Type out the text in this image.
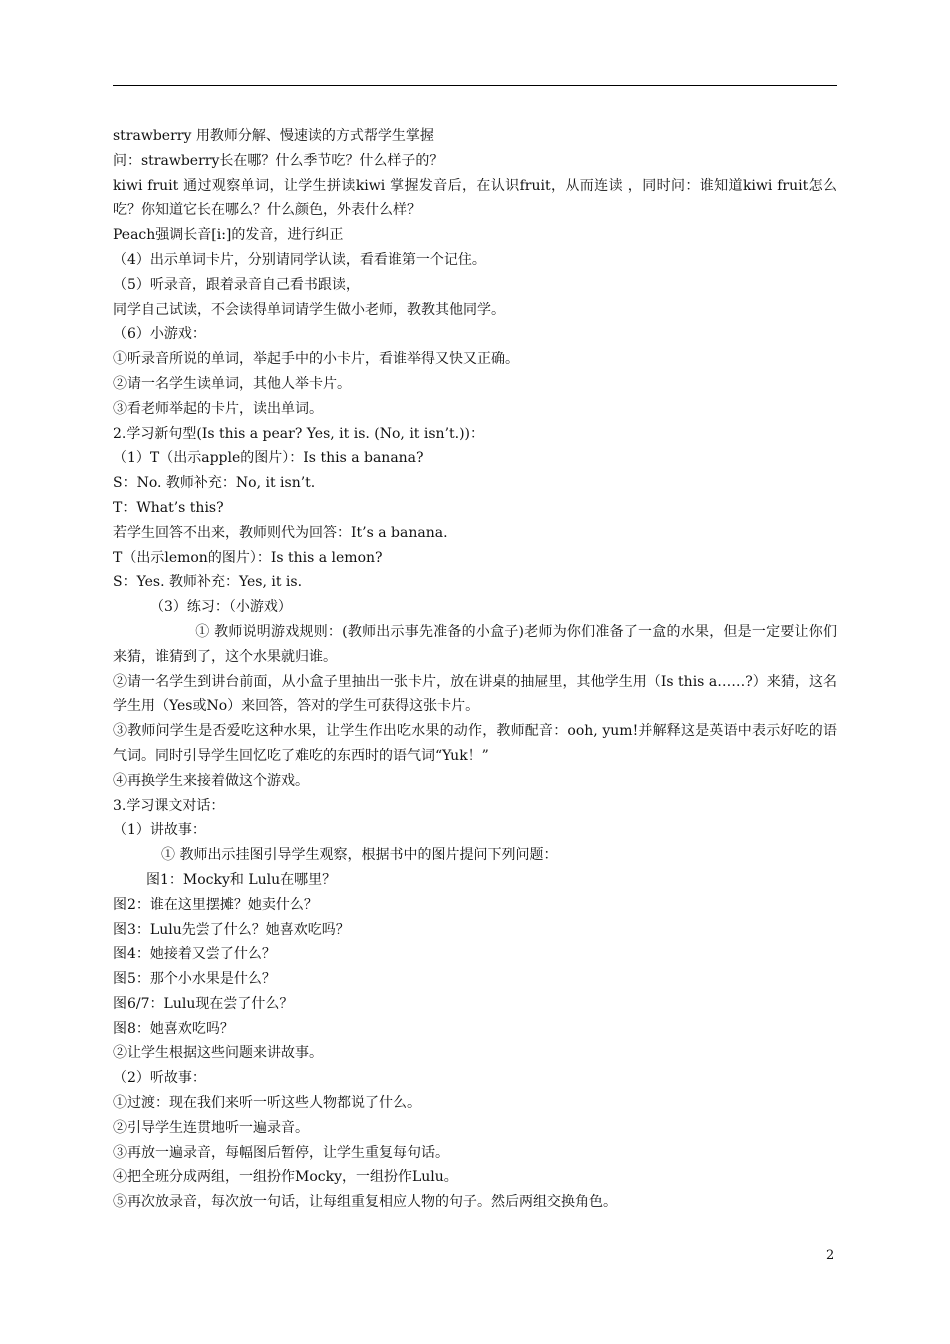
strawberry 用教师分解、慢速读的方式帮学生掌握
问：strawberry长在哪？什么季节吃？什么样子的？
kiwi fruit 通过观察单词，让学生拼读kiwi 掌握发音后，在认识fruit，从而连读 ，同时问：谁知道kiwi fruit怎么吃？你知道它长在哪么？什么颜色，外表什么样？
Peach强调长音[i:]的发音，进行纠正
（4）出示单词卡片，分别请同学认读，看看谁第一个记住。
（5）听录音，跟着录音自己看书跟读，
同学自己试读，不会读得单词请学生做小老师，教教其他同学。
（6）小游戏：
①听录音所说的单词，举起手中的小卡片，看谁举得又快又正确。
②请一名学生读单词，其他人举卡片。
③看老师举起的卡片，读出单词。
2.学习新句型(Is this a pear? Yes, it is. (No, it isn’t.))：
（1）T（出示apple的图片）：Is this a banana?
S：No. 教师补充：No, it isn’t.
T：What’s this?
若学生回答不出来，教师则代为回答：It’s a banana.
T（出示lemon的图片）：Is this a lemon?
S：Yes. 教师补充：Yes, it is.
（3）练习：（小游戏）
① 教师说明游戏规则：(教师出示事先准备的小盒子)老师为你们准备了一盒的水果，但是一定要让你们来猜，谁猜到了，这个水果就归谁。
②请一名学生到讲台前面，从小盒子里抽出一张卡片，放在讲桌的抽屉里，其他学生用（Is this a……?）来猜，这名学生用（Yes或No）来回答，答对的学生可获得这张卡片。
③教师问学生是否爱吃这种水果，让学生作出吃水果的动作，教师配音：ooh, yum!并解释这是英语中表示好吃的语气词。同时引导学生回忆吃了难吃的东西时的语气词“Yuk！”
④再换学生来接着做这个游戏。
3.学习课文对话：
（1）讲故事：
① 教师出示挂图引导学生观察，根据书中的图片提问下列问题：
图1：Mocky和 Lulu在哪里？
图2：谁在这里摆摊？她卖什么？
图3：Lulu先尝了什么？她喜欢吃吗？
图4：她接着又尝了什么？
图5：那个小水果是什么？
图6/7：Lulu现在尝了什么？
图8：她喜欢吃吗？
②让学生根据这些问题来讲故事。
（2）听故事：
①过渡：现在我们来听一听这些人物都说了什么。
②引导学生连贯地听一遍录音。
③再放一遍录音，每幅图后暂停，让学生重复每句话。
④把全班分成两组，一组扮作Mocky，一组扮作Lulu。
⑤再次放录音，每次放一句话，让每组重复相应人物的句子。然后两组交换角色。
2
